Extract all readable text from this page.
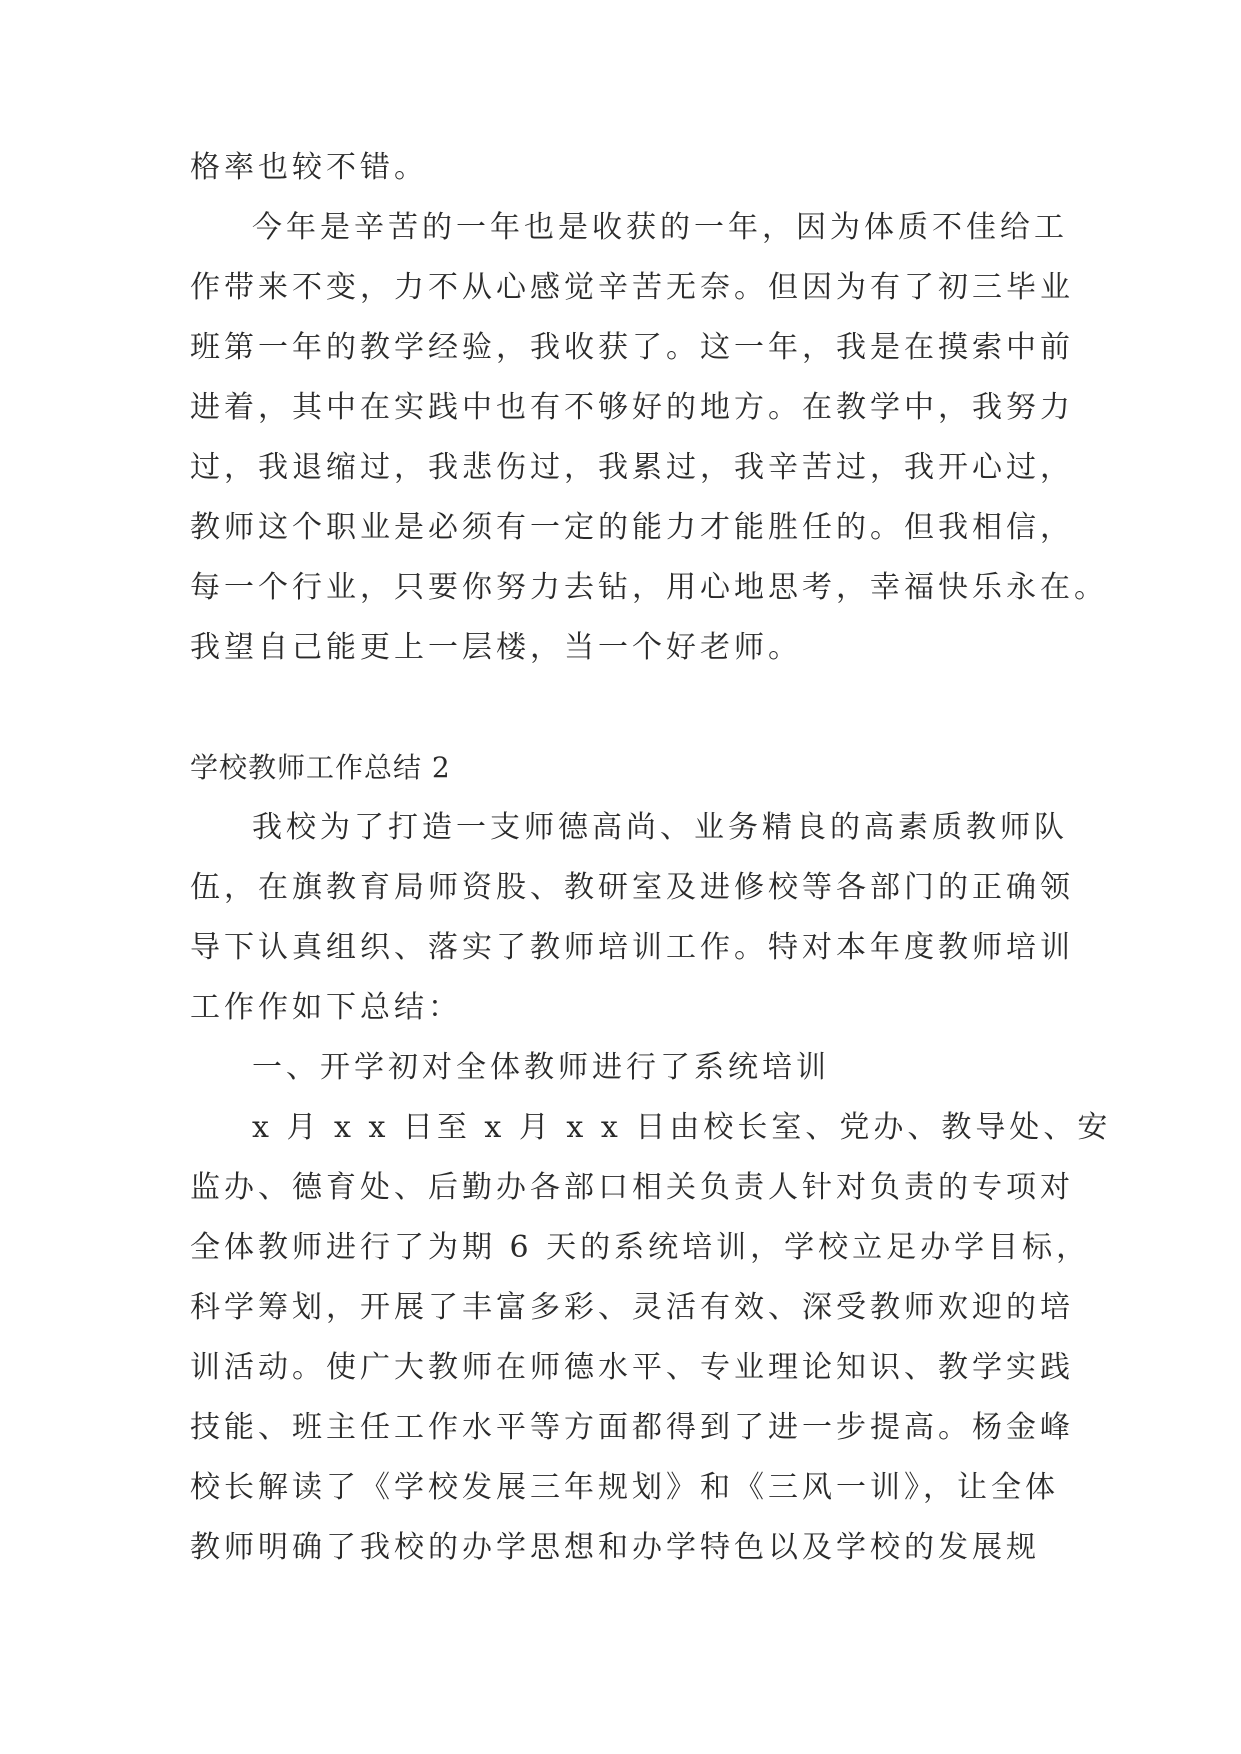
格率也较不错。
今年是辛苦的一年也是收获的一年，因为体质不佳给工
作带来不变，力不从心感觉辛苦无奈。但因为有了初三毕业
班第一年的教学经验，我收获了。这一年，我是在摸索中前
进着，其中在实践中也有不够好的地方。在教学中，我努力
过，我退缩过，我悲伤过，我累过，我辛苦过，我开心过，
教师这个职业是必须有一定的能力才能胜任的。但我相信，
每一个行业，只要你努力去钻，用心地思考，幸福快乐永在。
我望自己能更上一层楼，当一个好老师。
学校教师工作总结 2
我校为了打造一支师德高尚、业务精良的高素质教师队
伍，在旗教育局师资股、教研室及进修校等各部门的正确领
导下认真组织、落实了教师培训工作。特对本年度教师培训
工作作如下总结：
一、开学初对全体教师进行了系统培训
x 月 x x 日至 x 月 x x 日由校长室、党办、教导处、安
监办、德育处、后勤办各部口相关负责人针对负责的专项对
全体教师进行了为期 6 天的系统培训，学校立足办学目标，
科学筹划，开展了丰富多彩、灵活有效、深受教师欢迎的培
训活动。使广大教师在师德水平、专业理论知识、教学实践
技能、班主任工作水平等方面都得到了进一步提高。杨金峰
校长解读了《学校发展三年规划》和《三风一训》，让全体
教师明确了我校的办学思想和办学特色以及学校的发展规
